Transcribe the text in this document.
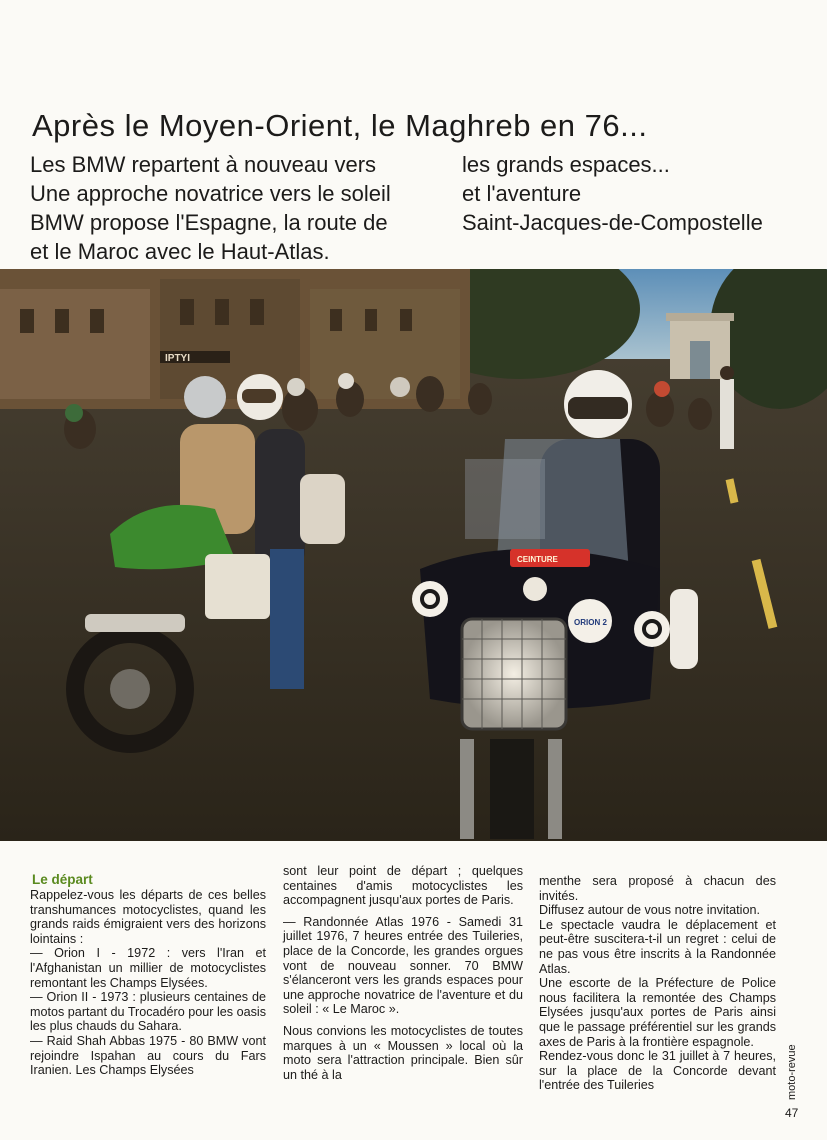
Après le Moyen-Orient, le Maghreb en 76...
Les BMW repartent à nouveau vers	les grands espaces...
Une approche novatrice vers le soleil	et l'aventure
BMW propose l'Espagne, la route de	Saint-Jacques-de-Compostelle
et le Maroc avec le Haut-Atlas.
IPTYI
CEINTURE
ORION 2
Le départ

Rappelez-vous les départs de ces belles transhumances motocyclistes, quand les grands raids émigraient vers des horizons lointains :

— Orion I - 1972 : vers l'Iran et l'Afghanistan un millier de motocyclistes remontant les Champs Elysées.

— Orion II - 1973 : plusieurs centaines de motos partant du Trocadéro pour les oasis les plus chauds du Sahara.

— Raid Shah Abbas 1975 - 80 BMW vont rejoindre Ispahan au cours du Fars Iranien. Les Champs Elysées

sont leur point de départ ; quelques centaines d'amis motocyclistes les accompagnent jusqu'aux portes de Paris.

— Randonnée Atlas 1976 - Samedi 31 juillet 1976, 7 heures entrée des Tuileries, place de la Concorde, les grandes orgues vont de nouveau sonner. 70 BMW s'élanceront vers les grands espaces pour une approche novatrice de l'aventure et du soleil : « Le Maroc ».

Nous convions les motocyclistes de toutes marques à un « Moussen » local où la moto sera l'attraction principale. Bien sûr un thé à la

menthe sera proposé à chacun des invités.

Diffusez autour de vous notre invitation.

Le spectacle vaudra le déplacement et peut-être suscitera-t-il un regret : celui de ne pas vous être inscrits à la Randonnée Atlas.

Une escorte de la Préfecture de Police nous facilitera la remontée des Champs Elysées jusqu'aux portes de Paris ainsi que le passage préférentiel sur les grands axes de Paris à la frontière espagnole.

Rendez-vous donc le 31 juillet à 7 heures, sur la place de la Concorde devant l'entrée des Tuileries	moto-revue
47
